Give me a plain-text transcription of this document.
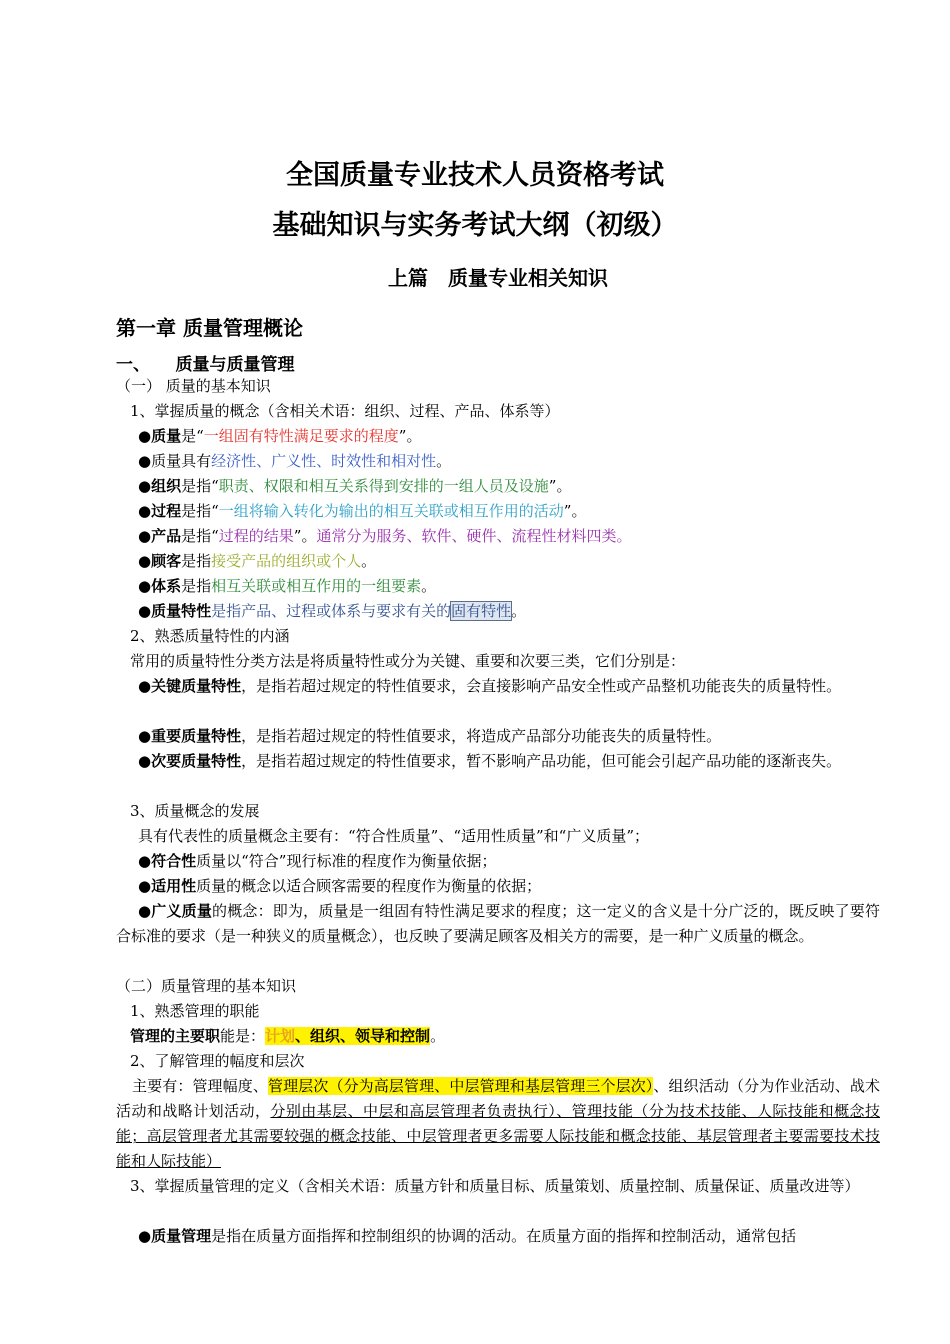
全国质量专业技术人员资格考试
基础知识与实务考试大纲（初级）
上篇　质量专业相关知识
第一章 质量管理概论
一、　　质量与质量管理
（一） 质量的基本知识
1、掌握质量的概念（含相关术语：组织、过程、产品、体系等）
●质量是“一组固有特性满足要求的程度”。
●质量具有经济性、广义性、时效性和相对性。
●组织是指“职责、权限和相互关系得到安排的一组人员及设施”。
●过程是指“一组将输入转化为输出的相互关联或相互作用的活动”。
●产品是指“过程的结果”。通常分为服务、软件、硬件、流程性材料四类。
●顾客是指接受产品的组织或个人。
●体系是指相互关联或相互作用的一组要素。
●质量特性是指产品、过程或体系与要求有关的固有特性。
2、熟悉质量特性的内涵
常用的质量特性分类方法是将质量特性或分为关键、重要和次要三类，它们分别是：
●关键质量特性，是指若超过规定的特性值要求，会直接影响产品安全性或产品整机功能丧失的质量特性。
●重要质量特性，是指若超过规定的特性值要求，将造成产品部分功能丧失的质量特性。
●次要质量特性，是指若超过规定的特性值要求，暂不影响产品功能，但可能会引起产品功能的逐渐丧失。
3、质量概念的发展
具有代表性的质量概念主要有：“符合性质量”、“适用性质量”和“广义质量”；
●符合性质量以“符合”现行标准的程度作为衡量依据；
●适用性质量的概念以适合顾客需要的程度作为衡量的依据；
●广义质量的概念：即为，质量是一组固有特性满足要求的程度；这一定义的含义是十分广泛的，既反映了要符合标准的要求（是一种狭义的质量概念），也反映了要满足顾客及相关方的需要，是一种广义质量的概念。
（二）质量管理的基本知识
1、熟悉管理的职能
管理的主要职能是：计划、组织、领导和控制。
2、了解管理的幅度和层次
主要有：管理幅度、管理层次（分为高层管理、中层管理和基层管理三个层次）、组织活动（分为作业活动、战术活动和战略计划活动，分别由基层、中层和高层管理者负责执行）、管理技能（分为技术技能、人际技能和概念技能；高层管理者尤其需要较强的概念技能、中层管理者更多需要人际技能和概念技能、基层管理者主要需要技术技能和人际技能）
3、掌握质量管理的定义（含相关术语：质量方针和质量目标、质量策划、质量控制、质量保证、质量改进等）
●质量管理是指在质量方面指挥和控制组织的协调的活动。在质量方面的指挥和控制活动，通常包括
